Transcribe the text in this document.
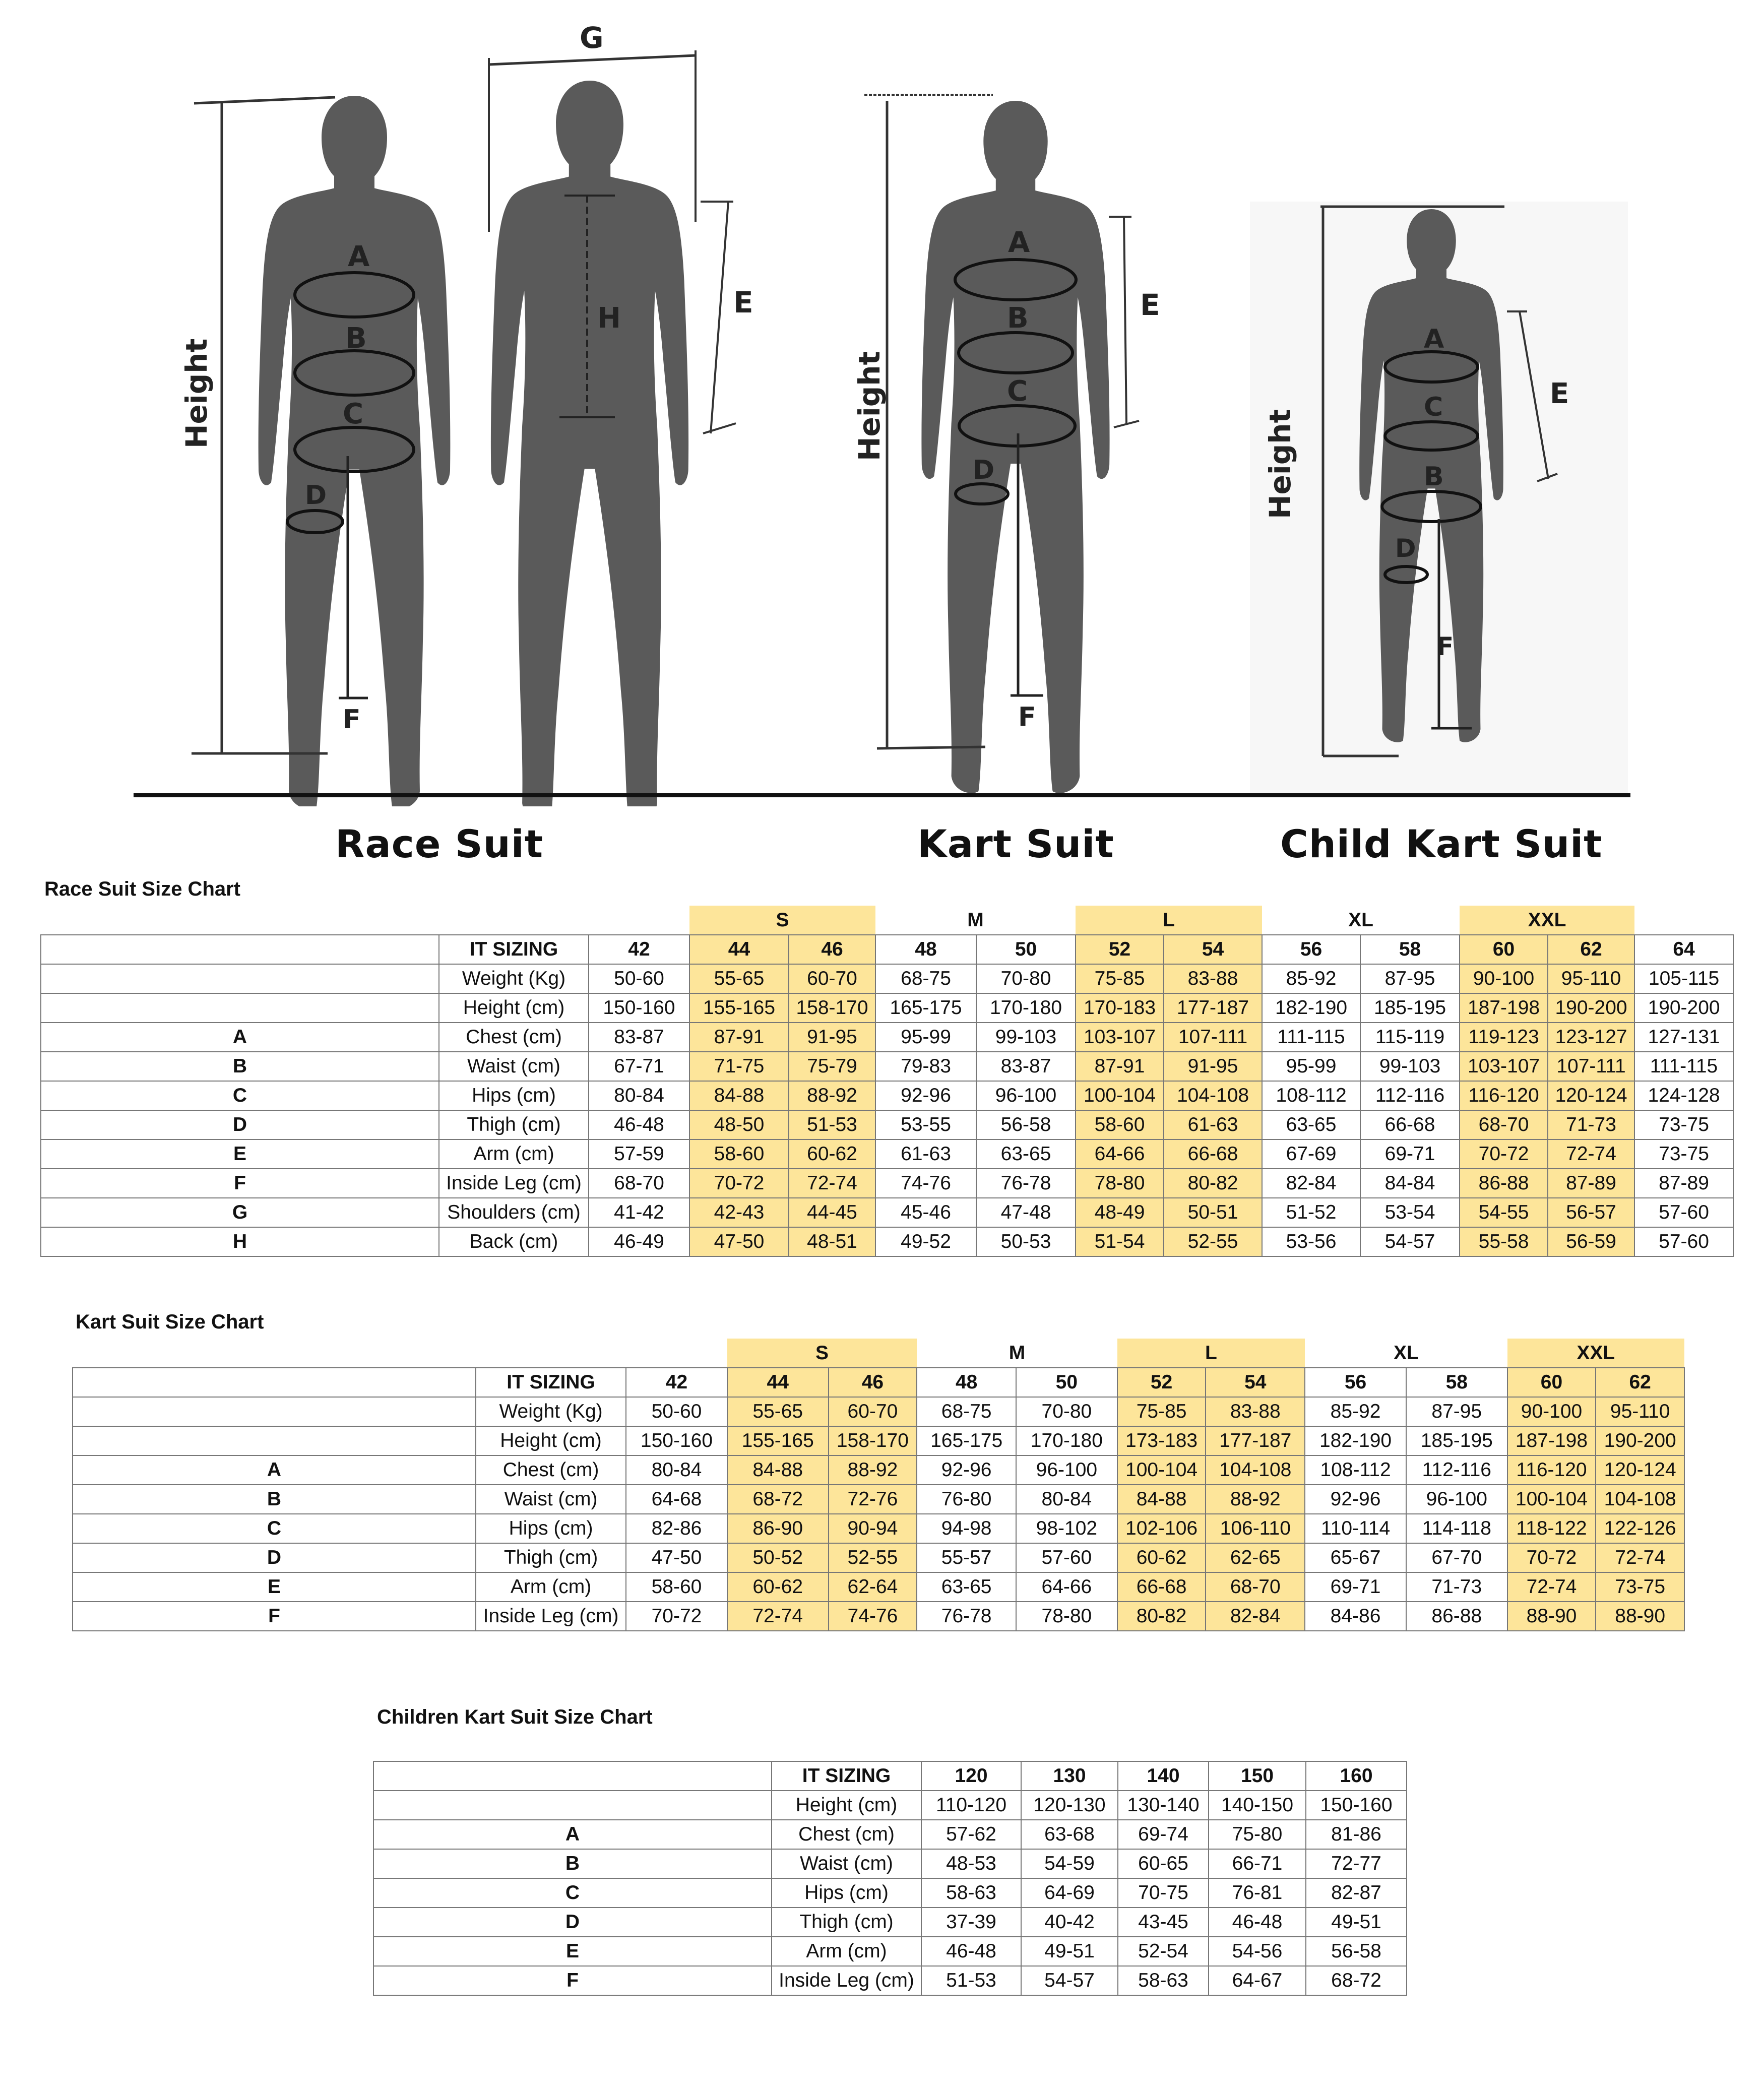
Height
A
B
C
D
F
G
H	E
Height
A
B
C
D
E
F
Height
A
C
B
D
E
F
Race Suit	Kart Suit	Child Kart Suit
Race Suit Size Chart
			S		M		L		XL		XXL		
	IT SIZING	42	44	46	48	50	52	54	56	58	60	62	64
	Weight (Kg)	50-60	55-65	60-70	68-75	70-80	75-85	83-88	85-92	87-95	90-100	95-110	105-115
	Height (cm)	150-160	155-165	158-170	165-175	170-180	170-183	177-187	182-190	185-195	187-198	190-200	190-200
A	Chest (cm)	83-87	87-91	91-95	95-99	99-103	103-107	107-111	111-115	115-119	119-123	123-127	127-131
B	Waist (cm)	67-71	71-75	75-79	79-83	83-87	87-91	91-95	95-99	99-103	103-107	107-111	111-115
C	Hips (cm)	80-84	84-88	88-92	92-96	96-100	100-104	104-108	108-112	112-116	116-120	120-124	124-128
D	Thigh (cm)	46-48	48-50	51-53	53-55	56-58	58-60	61-63	63-65	66-68	68-70	71-73	73-75
E	Arm (cm)	57-59	58-60	60-62	61-63	63-65	64-66	66-68	67-69	69-71	70-72	72-74	73-75
F	Inside Leg (cm)	68-70	70-72	72-74	74-76	76-78	78-80	80-82	82-84	84-84	86-88	87-89	87-89
G	Shoulders (cm)	41-42	42-43	44-45	45-46	47-48	48-49	50-51	51-52	53-54	54-55	56-57	57-60
H	Back (cm)	46-49	47-50	48-51	49-52	50-53	51-54	52-55	53-56	54-57	55-58	56-59	57-60
Kart Suit Size Chart
			S		M		L		XL		XXL	
	IT SIZING	42	44	46	48	50	52	54	56	58	60	62
	Weight (Kg)	50-60	55-65	60-70	68-75	70-80	75-85	83-88	85-92	87-95	90-100	95-110
	Height (cm)	150-160	155-165	158-170	165-175	170-180	173-183	177-187	182-190	185-195	187-198	190-200
A	Chest (cm)	80-84	84-88	88-92	92-96	96-100	100-104	104-108	108-112	112-116	116-120	120-124
B	Waist (cm)	64-68	68-72	72-76	76-80	80-84	84-88	88-92	92-96	96-100	100-104	104-108
C	Hips (cm)	82-86	86-90	90-94	94-98	98-102	102-106	106-110	110-114	114-118	118-122	122-126
D	Thigh (cm)	47-50	50-52	52-55	55-57	57-60	60-62	62-65	65-67	67-70	70-72	72-74
E	Arm (cm)	58-60	60-62	62-64	63-65	64-66	66-68	68-70	69-71	71-73	72-74	73-75
F	Inside Leg (cm)	70-72	72-74	74-76	76-78	78-80	80-82	82-84	84-86	86-88	88-90	88-90
Children Kart Suit Size Chart
	IT SIZING	120	130	140	150	160
	Height (cm)	110-120	120-130	130-140	140-150	150-160
A	Chest (cm)	57-62	63-68	69-74	75-80	81-86
B	Waist (cm)	48-53	54-59	60-65	66-71	72-77
C	Hips (cm)	58-63	64-69	70-75	76-81	82-87
D	Thigh (cm)	37-39	40-42	43-45	46-48	49-51
E	Arm (cm)	46-48	49-51	52-54	54-56	56-58
F	Inside Leg (cm)	51-53	54-57	58-63	64-67	68-72
